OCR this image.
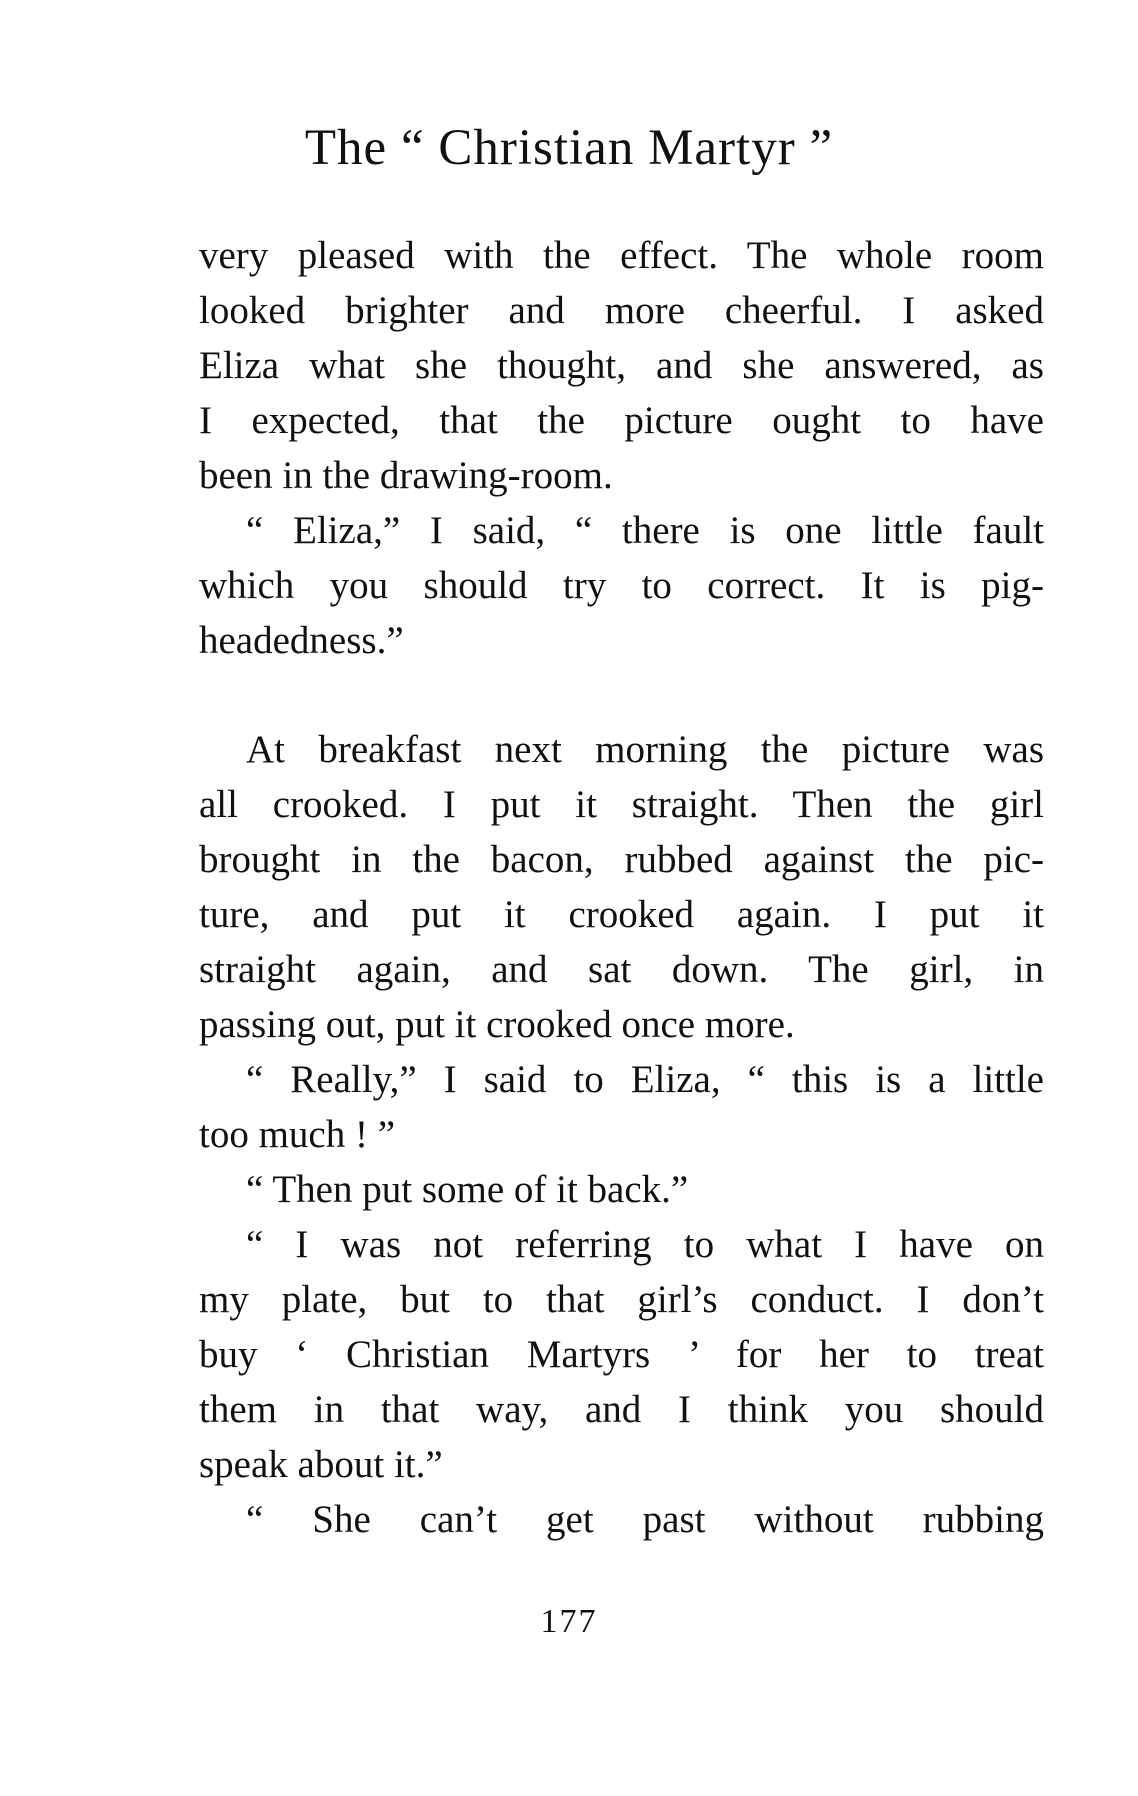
The “ Christian Martyr ”
very pleased with the effect. The whole room
looked brighter and more cheerful. I asked
Eliza what she thought, and she answered, as
I expected, that the picture ought to have
been in the drawing-room.
“ Eliza,” I said, “ there is one little fault
which you should try to correct. It is pig-
headedness.”
At breakfast next morning the picture was
all crooked. I put it straight. Then the girl
brought in the bacon, rubbed against the pic-
ture, and put it crooked again. I put it
straight again, and sat down. The girl, in
passing out, put it crooked once more.
“ Really,” I said to Eliza, “ this is a little
too much ! ”
“ Then put some of it back.”
“ I was not referring to what I have on
my plate, but to that girl’s conduct. I don’t
buy ‘ Christian Martyrs ’ for her to treat
them in that way, and I think you should
speak about it.”
“ She can’t get past without rubbing
177
